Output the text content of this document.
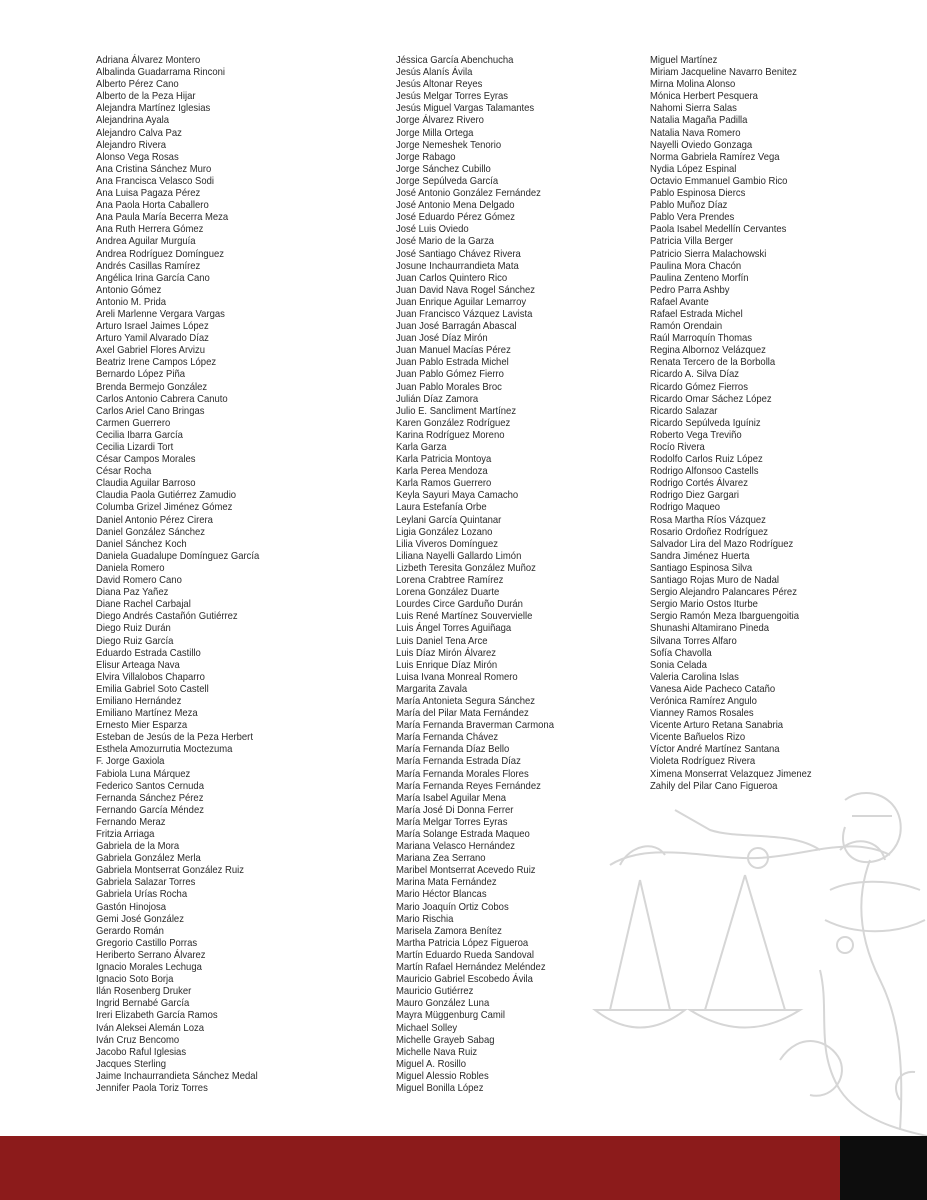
Adriana Álvarez Montero
Albalinda Guadarrama Rinconi
Alberto Pérez Cano
Alberto de la Peza Hijar
Alejandra Martínez Iglesias
Alejandrina Ayala
Alejandro Calva Paz
Alejandro Rivera
Alonso Vega Rosas
Ana Cristina Sánchez Muro
Ana Francisca Velasco Sodi
Ana Luisa Pagaza Pérez
Ana Paola Horta Caballero
Ana Paula María Becerra Meza
Ana Ruth Herrera Gómez
Andrea Aguilar Murguía
Andrea Rodríguez Domínguez
Andrés Casillas Ramírez
Angélica Irina García Cano
Antonio Gómez
Antonio M. Prida
Areli Marlenne Vergara Vargas
Arturo Israel Jaimes López
Arturo Yamil Alvarado Díaz
Axel Gabriel Flores Arvizu
Beatriz Irene Campos López
Bernardo López Piña
Brenda Bermejo González
Carlos Antonio Cabrera Canuto
Carlos Ariel Cano Bringas
Carmen Guerrero
Cecilia Ibarra García
Cecilia Lizardi Tort
César Campos Morales
César Rocha
Claudia Aguilar Barroso
Claudia Paola Gutiérrez Zamudio
Columba Grizel Jiménez Gómez
Daniel Antonio Pérez Cirera
Daniel González Sánchez
Daniel Sánchez Koch
Daniela Guadalupe Domínguez García
Daniela Romero
David Romero Cano
Diana Paz Yañez
Diane Rachel Carbajal
Diego Andrés Castañón Gutiérrez
Diego Ruiz Durán
Diego Ruiz García
Eduardo Estrada Castillo
Elisur Arteaga Nava
Elvira Villalobos Chaparro
Emilia Gabriel Soto Castell
Emiliano Hernández
Emiliano Martínez Meza
Ernesto Mier Esparza
Esteban de Jesús de la Peza Herbert
Esthela Amozurrutia Moctezuma
F. Jorge Gaxiola
Fabiola Luna Márquez
Federico Santos Cernuda
Fernanda Sánchez Pérez
Fernando García Méndez
Fernando Meraz
Fritzia Arriaga
Gabriela de la Mora
Gabriela González Merla
Gabriela Montserrat González Ruiz
Gabriela Salazar Torres
Gabriela Urías Rocha
Gastón Hinojosa
Gemi José González
Gerardo Román
Gregorio Castillo Porras
Heriberto Serrano Álvarez
Ignacio Morales Lechuga
Ignacio Soto Borja
Ilán Rosenberg Druker
Ingrid Bernabé García
Ireri Elizabeth García Ramos
Iván Aleksei Alemán Loza
Iván Cruz Bencomo
Jacobo Raful Iglesias
Jacques Sterling
Jaime Inchaurrandieta Sánchez Medal
Jennifer Paola Toriz Torres
Jéssica García Abenchucha
Jesús Alanís Ávila
Jesús Altonar Reyes
Jesús Melgar Torres Eyras
Jesús Miguel Vargas Talamantes
Jorge Álvarez Rivero
Jorge Milla Ortega
Jorge Nemeshek Tenorio
Jorge Rabago
Jorge Sánchez Cubillo
Jorge Sepúlveda García
José Antonio González Fernández
José Antonio Mena Delgado
José Eduardo Pérez Gómez
José Luis Oviedo
José Mario de la Garza
José Santiago Chávez Rivera
Josune Inchaurrandieta Mata
Juan Carlos Quintero Rico
Juan David Nava Rogel Sánchez
Juan Enrique Aguilar Lemarroy
Juan Francisco Vázquez Lavista
Juan José Barragán Abascal
Juan José Díaz Mirón
Juan Manuel Macías Pérez
Juan Pablo Estrada Michel
Juan Pablo Gómez Fierro
Juan Pablo Morales Broc
Julián Díaz Zamora
Julio E. Sancliment Martínez
Karen González Rodríguez
Karina Rodríguez Moreno
Karla Garza
Karla Patricia Montoya
Karla Perea Mendoza
Karla Ramos Guerrero
Keyla Sayuri Maya Camacho
Laura Estefanía Orbe
Leylani García Quintanar
Ligia González Lozano
Lilia Viveros Domínguez
Liliana Nayelli Gallardo Limón
Lizbeth Teresita González Muñoz
Lorena Crabtree Ramírez
Lorena González Duarte
Lourdes Circe Garduño Durán
Luis René Martínez Souvervielle
Luis Ángel Torres Aguiñaga
Luis Daniel Tena Arce
Luis Díaz Mirón Álvarez
Luis Enrique Díaz Mirón
Luisa Ivana Monreal Romero
Margarita Zavala
María Antonieta Segura Sánchez
María del Pilar Mata Fernández
María Fernanda Braverman Carmona
María Fernanda Chávez
María Fernanda Díaz Bello
María Fernanda Estrada Díaz
María Fernanda Morales Flores
María Fernanda Reyes Fernández
María Isabel Aguilar Mena
María José Di Donna Ferrer
María Melgar Torres Eyras
María Solange Estrada Maqueo
Mariana Velasco Hernández
Mariana Zea Serrano
Maribel Montserrat Acevedo Ruiz
Marina Mata Fernández
Mario Héctor Blancas
Mario Joaquín Ortiz Cobos
Mario Rischia
Marisela Zamora Benítez
Martha Patricia López Figueroa
Martín Eduardo Rueda Sandoval
Martín Rafael Hernández Meléndez
Mauricio Gabriel Escobedo Ávila
Mauricio Gutiérrez
Mauro González Luna
Mayra Müggenburg Camil
Michael Solley
Michelle Grayeb Sabag
Michelle Nava Ruiz
Miguel A. Rosillo
Miguel Alessio Robles
Miguel Bonilla López
Miguel Martínez
Miriam Jacqueline Navarro Benitez
Mirna Molina Alonso
Mónica Herbert Pesquera
Nahomi Sierra Salas
Natalia Magaña Padilla
Natalia Nava Romero
Nayelli Oviedo Gonzaga
Norma Gabriela Ramírez Vega
Nydia López Espinal
Octavio Emmanuel Gambio Rico
Pablo Espinosa Diercs
Pablo Muñoz Díaz
Pablo Vera Prendes
Paola Isabel Medellín Cervantes
Patricia Villa Berger
Patricio Sierra Malachowski
Paulina Mora Chacón
Paulina Zenteno Morfín
Pedro Parra Ashby
Rafael Avante
Rafael Estrada Michel
Ramón Orendain
Raúl Marroquín Thomas
Regina Albornoz Velázquez
Renata Tercero de la Borbolla
Ricardo A. Silva Díaz
Ricardo Gómez Fierros
Ricardo Omar Sáchez López
Ricardo Salazar
Ricardo Sepúlveda Iguíniz
Roberto Vega Treviño
Rocío Rivera
Rodolfo Carlos Ruiz López
Rodrigo Alfonsoo Castells
Rodrigo Cortés Álvarez
Rodrigo Diez Gargari
Rodrigo Maqueo
Rosa Martha Ríos Vázquez
Rosario Ordoñez Rodríguez
Salvador Lira del Mazo Rodríguez
Sandra Jiménez Huerta
Santiago Espinosa Silva
Santiago Rojas Muro de Nadal
Sergio Alejandro Palancares Pérez
Sergio Mario Ostos Iturbe
Sergio Ramón Meza Ibarguengoitia
Shunashi Altamirano Pineda
Silvana Torres Alfaro
Sofía Chavolla
Sonia Celada
Valeria Carolina Islas
Vanesa Aide Pacheco Cataño
Verónica Ramírez Angulo
Vianney Ramos Rosales
Vicente Arturo Retana Sanabria
Vicente Bañuelos Rizo
Víctor André Martínez Santana
Violeta Rodríguez Rivera
Ximena Monserrat Velazquez Jimenez
Zahily del Pilar Cano Figueroa
